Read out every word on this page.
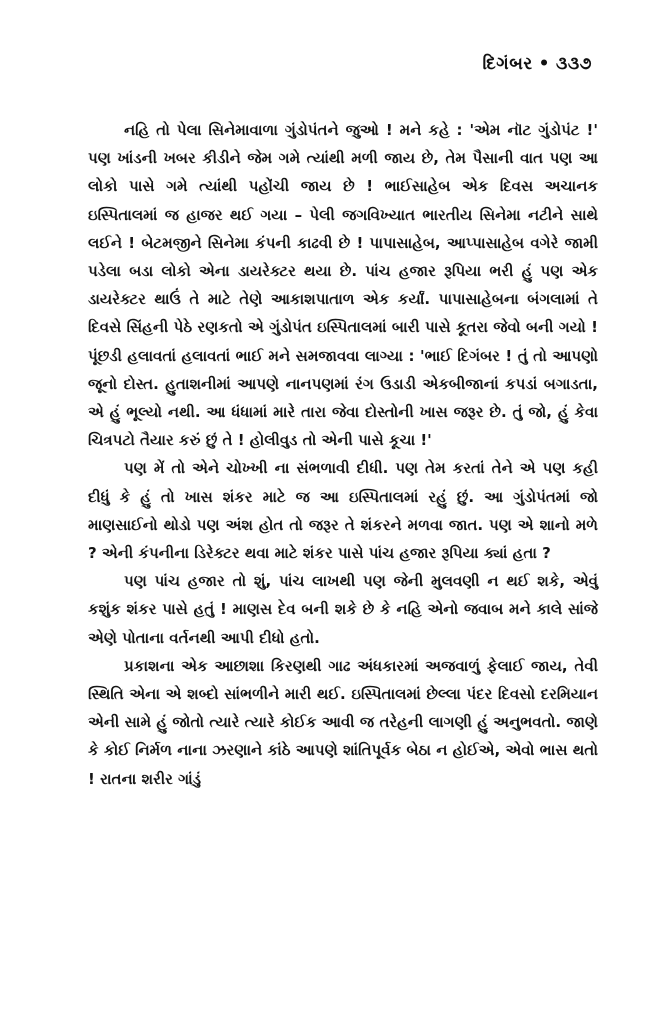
દિગંબર • ૩૩૭

નહિ તો પેલા સિનેમાવાળા ગુંડોપંતને જુઓ ! મને કહે : 'એમ નૉટ ગુંડોપંટ !' પણ ખાંડની ખબર કીડીને જેમ ગમે ત્યાંથી મળી જાય છે, તેમ પૈસાની વાત પણ આ લોકો પાસે ગમે ત્યાંથી પહોંચી જાય છે ! ભાઈસાહેબ એક દિવસ અચાનક ઇસ્પિતાલમાં જ હાજર થઈ ગયા – પેલી જગવિખ્યાત ભારતીય સિનેમા નટીને સાથે લઈને ! બેટમજીને સિનેમા કંપની કાઢવી છે ! પાપાસાહેબ, આપ્પાસાહેબ વગેરે જામી પડેલા બડા લોકો એના ડાયરેક્ટર થયા છે. પાંચ હજાર રૂપિયા ભરી હું પણ એક ડાયરેક્ટર થાઉં તે માટે તેણે આકાશપાતાળ એક કર્યાં. પાપાસાહેબના બંગલામાં તે દિવસે સિંહની પેઠે રણકતો એ ગુંડોપંત ઇસ્પિતાલમાં બારી પાસે કૂતરા જેવો બની ગયો ! પૂંછડી હલાવતાં હલાવતાં ભાઈ મને સમજાવવા લાગ્યા : 'ભાઈ દિગંબર ! તું તો આપણો જૂનો દોસ્ત. હુતાશનીમાં આપણે નાનપણમાં રંગ ઉડાડી એકબીજાનાં કપડાં બગાડતા, એ હું ભૂલ્યો નથી. આ ધંધામાં મારે તારા જેવા દોસ્તોની ખાસ જરૂર છે. તું જો, હું કેવા ચિત્રપટો તૈયાર કરું છું તે ! હોલીવુડ તો એની પાસે કૂચા !'

પણ મેં તો એને ચોખ્ખી ના સંભળાવી દીધી. પણ તેમ કરતાં તેને એ પણ કહી દીધું કે હું તો ખાસ શંકર માટે જ આ ઇસ્પિતાલમાં રહું છું. આ ગુંડોપંતમાં જો માણસાઈનો થોડો પણ અંશ હોત તો જરૂર તે શંકરને મળવા જાત. પણ એ શાનો મળે ? એની કંપનીના ડિરેક્ટર થવા માટે શંકર પાસે પાંચ હજાર રૂપિયા ક્યાં હતા ?

પણ પાંચ હજાર તો શું, પાંચ લાખથી પણ જેની મુલવણી ન થઈ શકે, એવું કશુંક શંકર પાસે હતું ! માણસ દેવ બની શકે છે કે નહિ એનો જવાબ મને કાલે સાંજે એણે પોતાના વર્તનથી આપી દીધો હતો.

પ્રકાશના એક આછાશા કિરણથી ગાઢ અંધકારમાં અજવાળું ફેલાઈ જાય, તેવી સ્થિતિ એના એ શબ્દો સાંભળીને મારી થઈ. ઇસ્પિતાલમાં છેલ્લા પંદર દિવસો દરમિયાન એની સામે હું જોતો ત્યારે ત્યારે કોઈક આવી જ તરેહની લાગણી હું અનુભવતો. જાણે કે કોઈ નિર્મળ નાના ઝરણાને કાંઠે આપણે શાંતિપૂર્વક બેઠા ન હોઈએ, એવો ભાસ થતો ! રાતના શરીર ગાંડું
